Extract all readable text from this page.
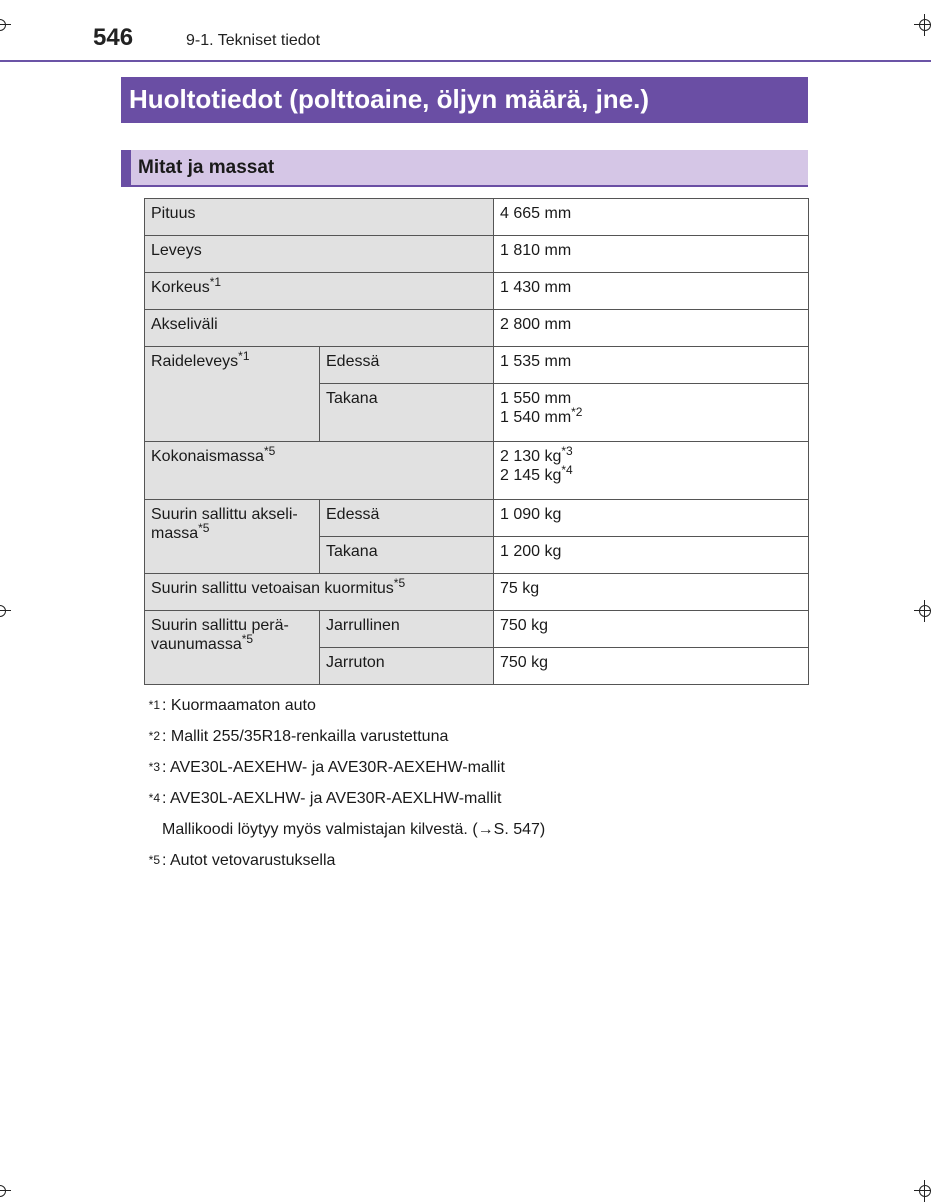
546	9-1. Tekniset tiedot
Huoltotiedot (polttoaine, öljyn määrä, jne.)
Mitat ja massat
Pituus		4 665 mm
Leveys		1 810 mm
Korkeus$^{*1}$		1 430 mm
Akseliväli		2 800 mm
Raideleveys$^{*1}$	Edessä	1 535 mm
	Takana	1 550 mm
1 540 $mm^{*2}$

Kokonaismassa$^{*5}$		2 130 $kg^{*3}$
2 145 $kg^{*4}$

Suurin sallittu akseli-
massa$^{*5}$	Edessä	1 090 kg
	Takana	1 200 kg
Suurin sallittu vetoaisan kuormitus$^{*5}$		75 kg

Suurin sallittu perä-
vaunumassa$^{*5}$	Jarrullinen	750 kg
	Jarruton	750 kg
$^{*1}$ : Kuormaamaton auto
$^{*2}$ : Mallit 255/35R18-renkailla varustettuna
$^{*3}$ : AVE30L-AEXEHW- ja AVE30R-AEXEHW-mallit
$^{*4}$ : AVE30L-AEXLHW- ja AVE30R-AEXLHW-mallit
Mallikoodi löytyy myös valmistajan kilvestä. (→S. 547)
$^{*5}$ : Autot vetovarustuksella
